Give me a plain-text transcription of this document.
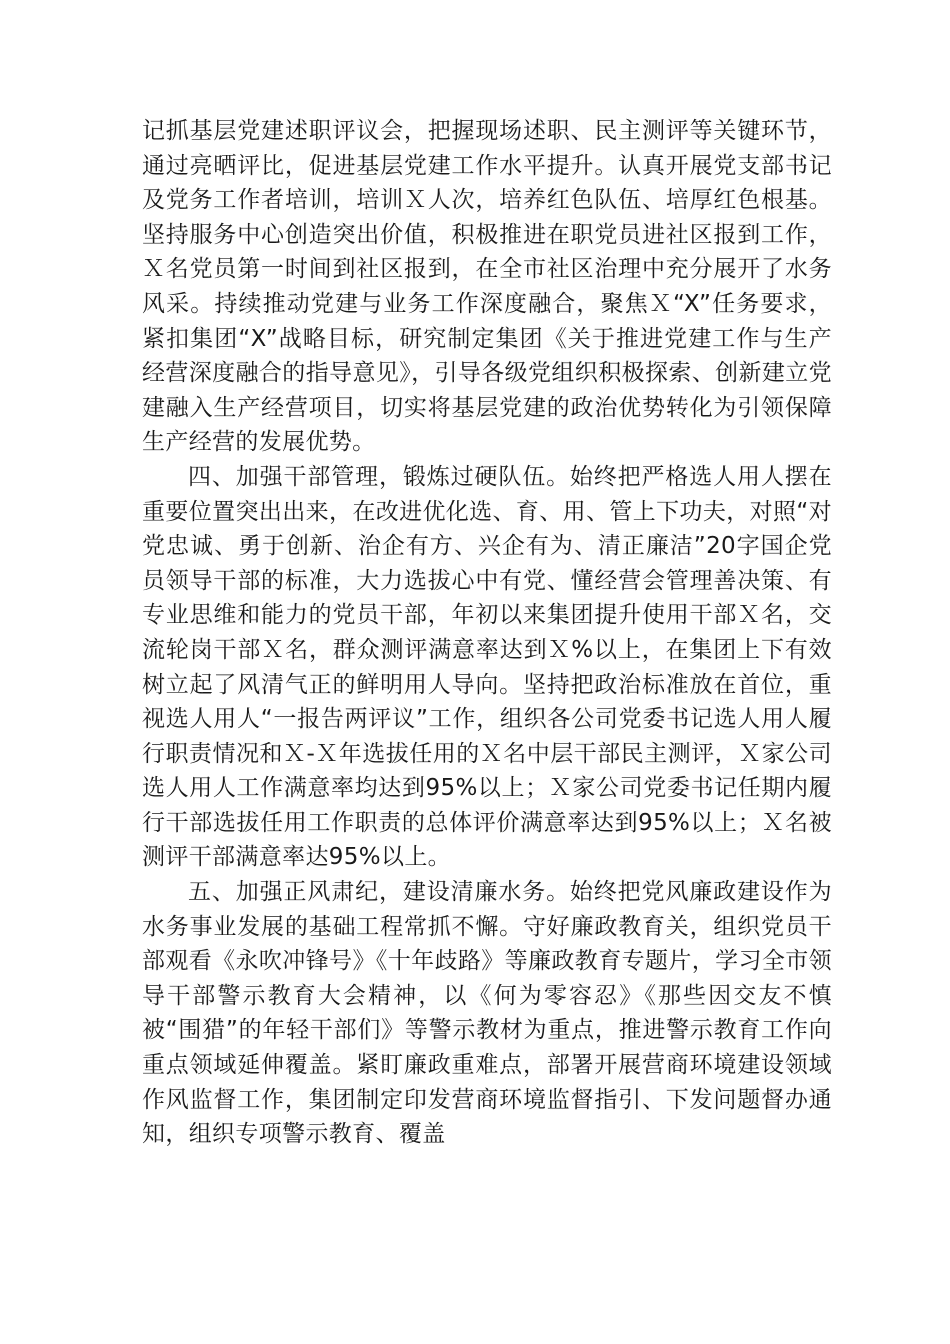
记抓基层党建述职评议会，把握现场述职、民主测评等关键环节，通过亮晒评比，促进基层党建工作水平提升。认真开展党支部书记及党务工作者培训，培训Ｘ人次，培养红色队伍、培厚红色根基。坚持服务中心创造突出价值，积极推进在职党员进社区报到工作，Ｘ名党员第一时间到社区报到，在全市社区治理中充分展开了水务风采。持续推动党建与业务工作深度融合，聚焦Ｘ“X”任务要求，紧扣集团“X”战略目标，研究制定集团《关于推进党建工作与生产经营深度融合的指导意见》，引导各级党组织积极探索、创新建立党建融入生产经营项目，切实将基层党建的政治优势转化为引领保障生产经营的发展优势。

四、加强干部管理，锻炼过硬队伍。始终把严格选人用人摆在重要位置突出出来，在改进优化选、育、用、管上下功夫，对照“对党忠诚、勇于创新、治企有方、兴企有为、清正廉洁”20字国企党员领导干部的标准，大力选拔心中有党、懂经营会管理善决策、有专业思维和能力的党员干部，年初以来集团提升使用干部Ｘ名，交流轮岗干部Ｘ名，群众测评满意率达到Ｘ%以上，在集团上下有效树立起了风清气正的鲜明用人导向。坚持把政治标准放在首位，重视选人用人“一报告两评议”工作，组织各公司党委书记选人用人履行职责情况和Ｘ-Ｘ年选拔任用的Ｘ名中层干部民主测评，Ｘ家公司选人用人工作满意率均达到95%以上；Ｘ家公司党委书记任期内履行干部选拔任用工作职责的总体评价满意率达到95%以上；Ｘ名被测评干部满意率达95%以上。

五、加强正风肃纪，建设清廉水务。始终把党风廉政建设作为水务事业发展的基础工程常抓不懈。守好廉政教育关，组织党员干部观看《永吹冲锋号》《十年歧路》等廉政教育专题片，学习全市领导干部警示教育大会精神，以《何为零容忍》《那些因交友不慎被“围猎”的年轻干部们》等警示教材为重点，推进警示教育工作向重点领域延伸覆盖。紧盯廉政重难点，部署开展营商环境建设领域作风监督工作，集团制定印发营商环境监督指引、下发问题督办通知，组织专项警示教育、覆盖
